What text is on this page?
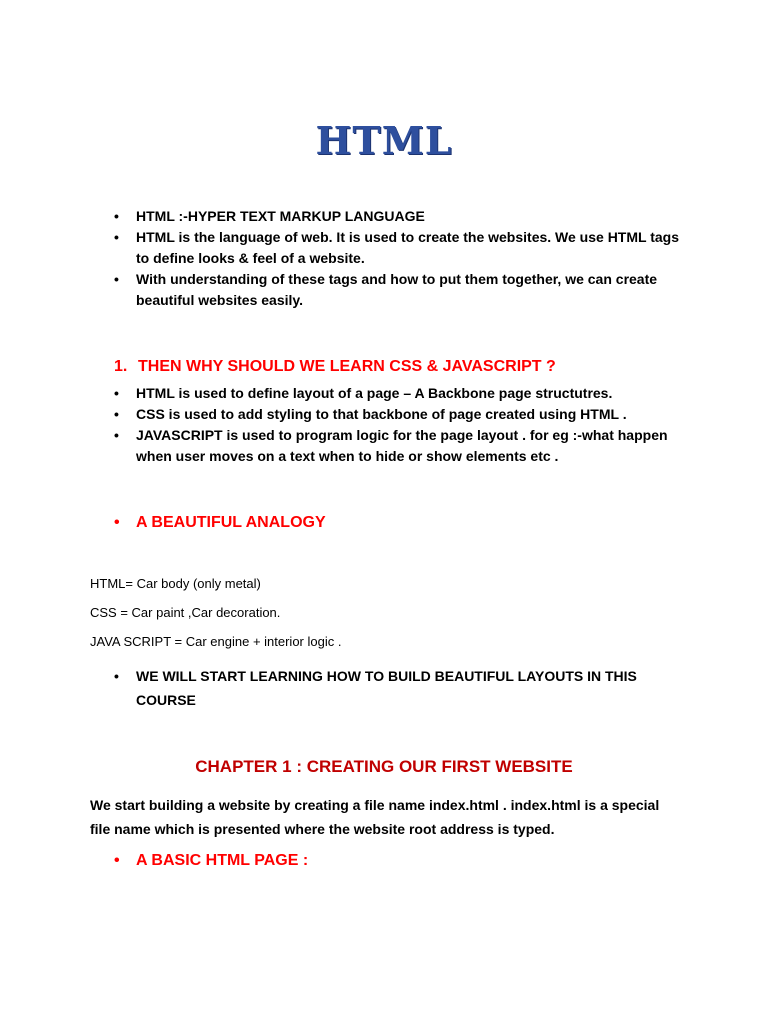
HTML
• HTML :-HYPER TEXT MARKUP LANGUAGE
• HTML is the language of web. It is used to create the websites. We use HTML tags to define looks & feel of a website.
• With understanding of these tags and how to put them together, we can create beautiful websites easily.
1. THEN WHY SHOULD WE LEARN CSS & JAVASCRIPT ?
• HTML is used to define layout of a page – A Backbone page structutres.
• CSS is used to add styling to that backbone of page created using HTML .
• JAVASCRIPT is used to program logic for the page layout . for eg :-what happen when user moves on a text when to hide or show elements etc .
• A BEAUTIFUL ANALOGY
HTML= Car body (only metal)
CSS = Car paint ,Car decoration.
JAVA SCRIPT = Car engine + interior logic .
• WE WILL START LEARNING HOW TO BUILD BEAUTIFUL LAYOUTS IN THIS COURSE
CHAPTER 1 : CREATING OUR FIRST WEBSITE
We start building a website by creating a file name index.html . index.html is a special file name which is presented where the website root address is typed.
• A BASIC HTML PAGE :
